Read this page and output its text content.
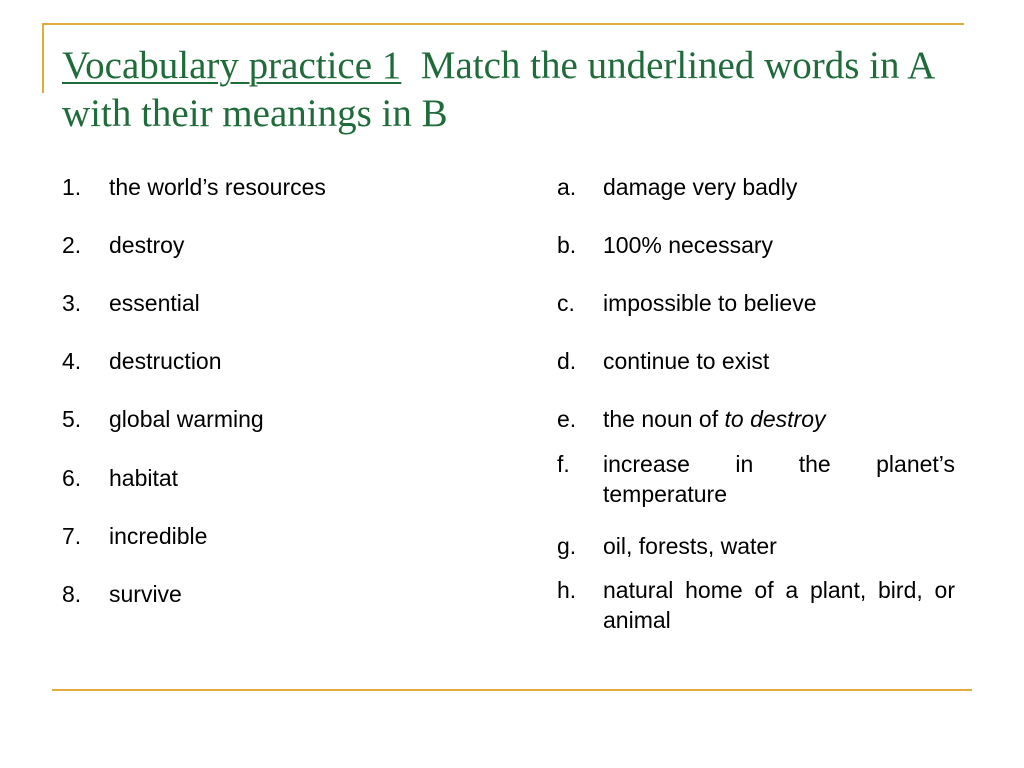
Vocabulary practice 1 Match the underlined words in A with their meanings in B
1.	the world’s resources
2.	destroy
3.	essential
4.	destruction
5.	global warming
6.	habitat
7.	incredible
8.	survive
a.	damage very badly
b.	100% necessary
c.	impossible to believe
d.	continue to exist
e.	the noun of to destroy
f.	increase in the planet’s temperature
g.	oil, forests, water
h.	natural home of a plant, bird, or animal
